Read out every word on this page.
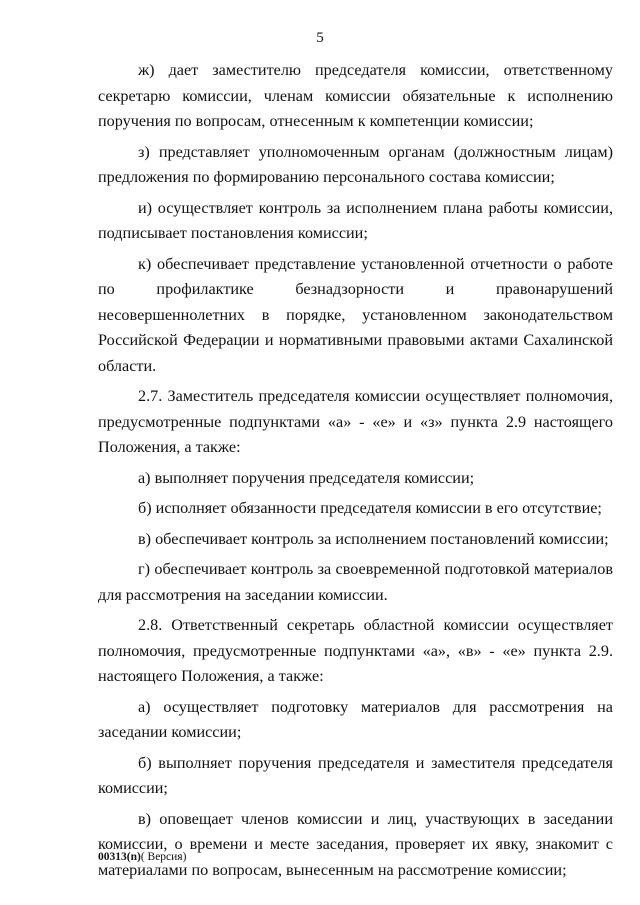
5

ж) дает заместителю председателя комиссии, ответственному секретарю комиссии, членам комиссии обязательные к исполнению поручения по вопросам, отнесенным к компетенции комиссии;

з) представляет уполномоченным органам (должностным лицам) предложения по формированию персонального состава комиссии;

и) осуществляет контроль за исполнением плана работы комиссии, подписывает постановления комиссии;

к) обеспечивает представление установленной отчетности о работе по профилактике безнадзорности и правонарушений несовершеннолетних в порядке, установленном законодательством Российской Федерации и нормативными правовыми актами Сахалинской области.

2.7. Заместитель председателя комиссии осуществляет полномочия, предусмотренные подпунктами «а» - «е» и «з» пункта 2.9 настоящего Положения, а также:

а) выполняет поручения председателя комиссии;

б) исполняет обязанности председателя комиссии в его отсутствие;

в) обеспечивает контроль за исполнением постановлений комиссии;

г) обеспечивает контроль за своевременной подготовкой материалов для рассмотрения на заседании комиссии.

2.8. Ответственный секретарь областной комиссии осуществляет полномочия, предусмотренные подпунктами «а», «в» - «е» пункта 2.9. настоящего Положения, а также:

а) осуществляет подготовку материалов для рассмотрения на заседании комиссии;

б) выполняет поручения председателя и заместителя председателя комиссии;

в) оповещает членов комиссии и лиц, участвующих в заседании комиссии, о времени и месте заседания, проверяет их явку, знакомит с материалами по вопросам, вынесенным на рассмотрение комиссии;

00313(n)( Версия)
